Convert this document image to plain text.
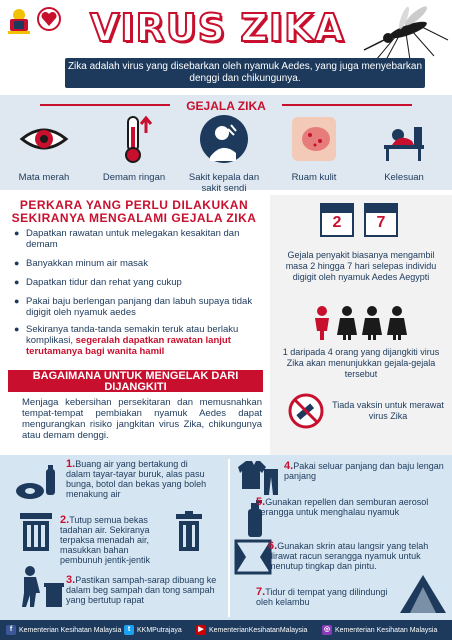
VIRUS ZIKA
Zika adalah virus yang disebarkan oleh nyamuk Aedes, yang juga menyebarkan denggi dan chikungunya.
GEJALA ZIKA
Mata merah	Demam ringan	Sakit kepala dan sakit sendi
Ruam kulit	Kelesuan
PERKARA YANG PERLU DILAKUKAN SEKIRANYA MENGALAMI GEJALA ZIKA
● Dapatkan rawatan untuk melegakan kesakitan dan demam
● Banyakkan minum air masak
● Dapatkan tidur dan rehat yang cukup
● Pakai baju berlengan panjang dan labuh supaya tidak digigit oleh nyamuk aedes
● Sekiranya tanda-tanda semakin teruk atau berlaku komplikasi, segeralah dapatkan rawatan lanjut terutamanya bagi wanita hamil
2	7
Gejala penyakit biasanya mengambil masa 2 hingga 7 hari selepas individu digigit oleh nyamuk Aedes Aegypti
1 daripada 4 orang yang dijangkiti virus Zika akan menunjukkan gejala-gejala tersebut
Tiada vaksin untuk merawat virus Zika
BAGAIMANA UNTUK MENGELAK DARI DIJANGKITI
Menjaga kebersihan persekitaran dan memusnahkan tempat-tempat pembiakan nyamuk Aedes dapat mengurangkan risiko jangkitan virus Zika, chikungunya atau demam denggi.
1.Buang air yang bertakung di dalam tayar-tayar buruk, alas pasu bunga, botol dan bekas yang boleh menakung air
2.Tutup semua bekas tadahan air. Sekiranya terpaksa menadah air, masukkan bahan pembunuh jentik-jentik
3.Pastikan sampah-sarap dibuang ke dalam beg sampah dan tong sampah yang bertutup rapat
4.Pakai seluar panjang dan baju lengan panjang
5.Gunakan repellen dan semburan aerosol serangga untuk menghalau nyamuk
6.Gunakan skrin atau langsir yang telah dirawat racun serangga nyamuk untuk menutup tingkap dan pintu.
7.Tidur di tempat yang dilindungi oleh kelambu
f Kementerian Kesihatan Malaysia t KKMPutrajaya	▶ KementerianKesihatanMalaysia ◎ Kementerian Kesihatan Malaysia
